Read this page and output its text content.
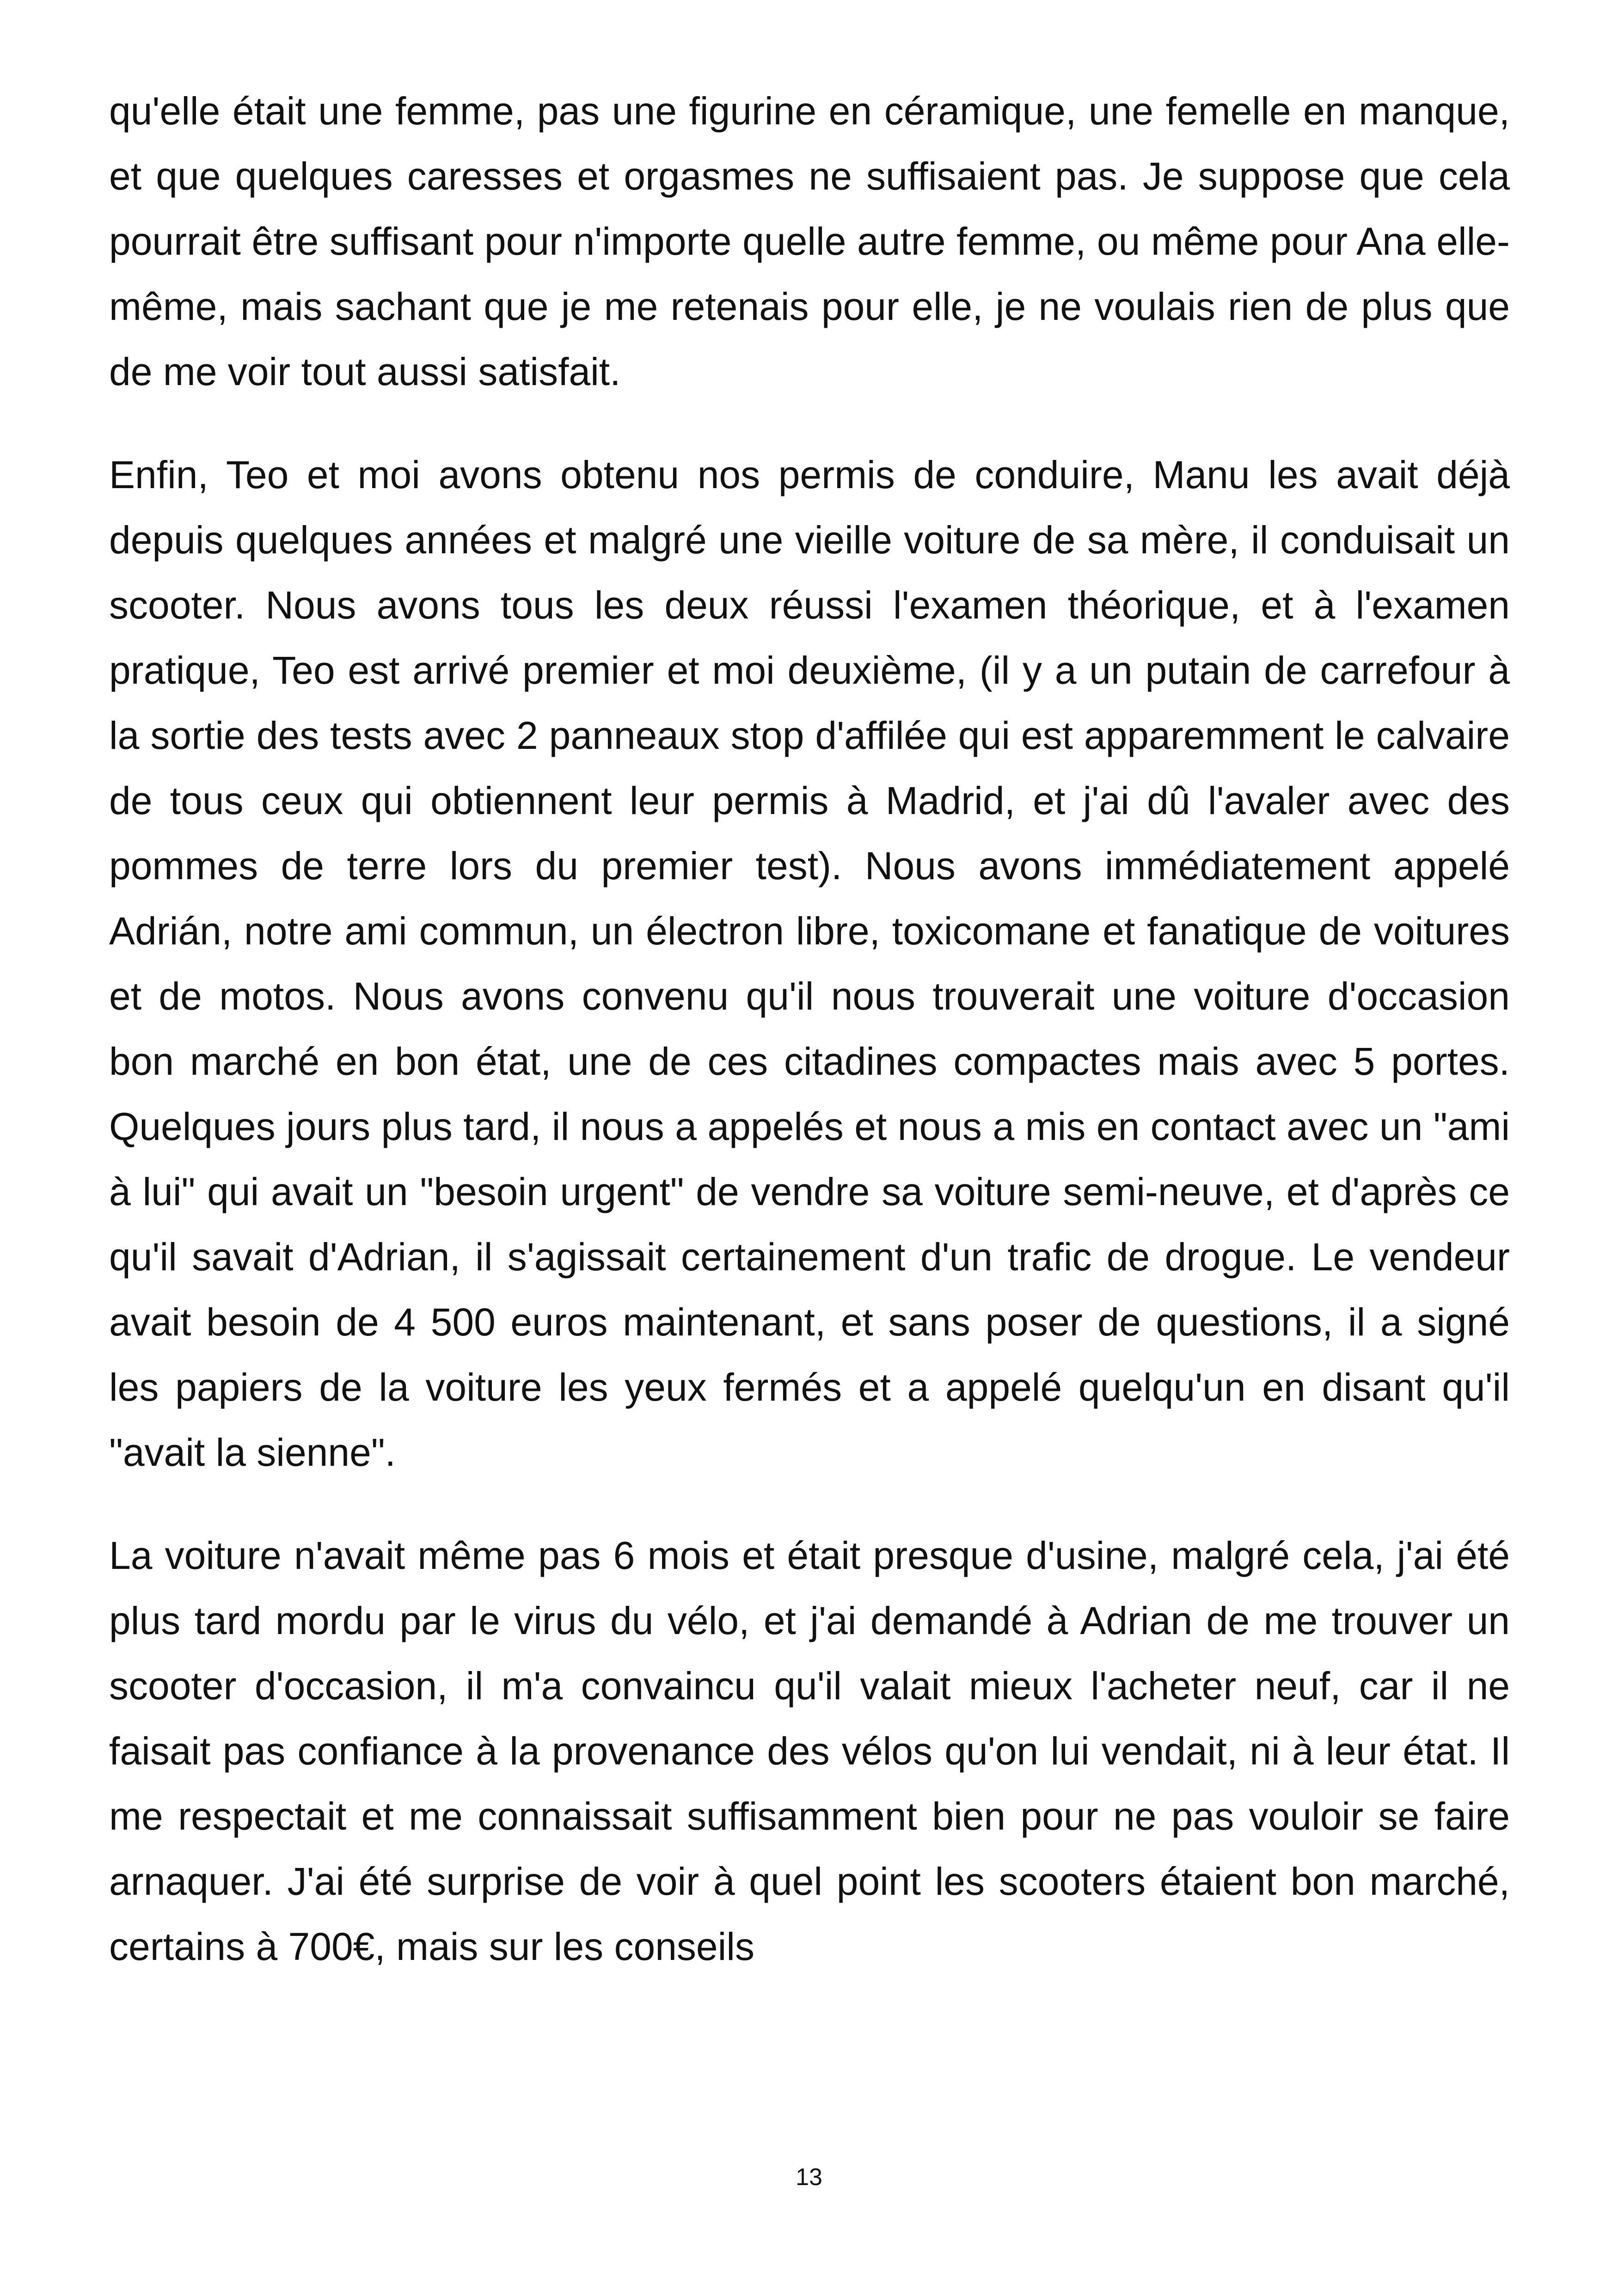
qu'elle était une femme, pas une figurine en céramique, une femelle en manque, et que quelques caresses et orgasmes ne suffisaient pas. Je suppose que cela pourrait être suffisant pour n'importe quelle autre femme, ou même pour Ana elle-même, mais sachant que je me retenais pour elle, je ne voulais rien de plus que de me voir tout aussi satisfait.

Enfin, Teo et moi avons obtenu nos permis de conduire, Manu les avait déjà depuis quelques années et malgré une vieille voiture de sa mère, il conduisait un scooter. Nous avons tous les deux réussi l'examen théorique, et à l'examen pratique, Teo est arrivé premier et moi deuxième, (il y a un putain de carrefour à la sortie des tests avec 2 panneaux stop d'affilée qui est apparemment le calvaire de tous ceux qui obtiennent leur permis à Madrid, et j'ai dû l'avaler avec des pommes de terre lors du premier test). Nous avons immédiatement appelé Adrián, notre ami commun, un électron libre, toxicomane et fanatique de voitures et de motos. Nous avons convenu qu'il nous trouverait une voiture d'occasion bon marché en bon état, une de ces citadines compactes mais avec 5 portes. Quelques jours plus tard, il nous a appelés et nous a mis en contact avec un "ami à lui" qui avait un "besoin urgent" de vendre sa voiture semi-neuve, et d'après ce qu'il savait d'Adrian, il s'agissait certainement d'un trafic de drogue. Le vendeur avait besoin de 4 500 euros maintenant, et sans poser de questions, il a signé les papiers de la voiture les yeux fermés et a appelé quelqu'un en disant qu'il "avait la sienne".

La voiture n'avait même pas 6 mois et était presque d'usine, malgré cela, j'ai été plus tard mordu par le virus du vélo, et j'ai demandé à Adrian de me trouver un scooter d'occasion, il m'a convaincu qu'il valait mieux l'acheter neuf, car il ne faisait pas confiance à la provenance des vélos qu'on lui vendait, ni à leur état. Il me respectait et me connaissait suffisamment bien pour ne pas vouloir se faire arnaquer. J'ai été surprise de voir à quel point les scooters étaient bon marché, certains à 700€, mais sur les conseils

13
